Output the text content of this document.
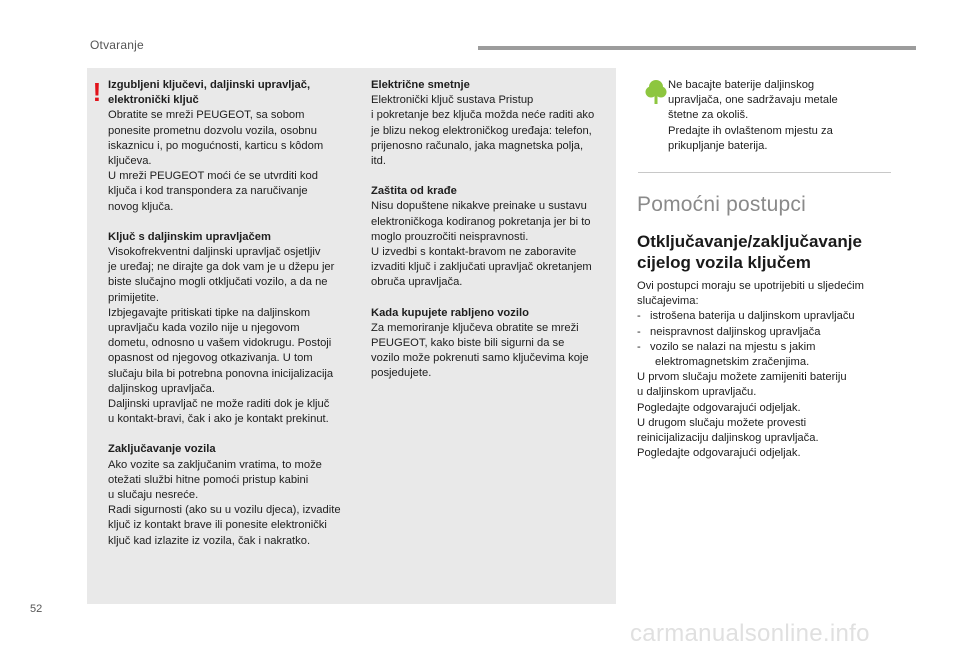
Otvaranje
! Izgubljeni ključevi, daljinski upravljač,
elektronički ključ

Obratite se mreži PEUGEOT, sa sobom
ponesite prometnu dozvolu vozila, osobnu
iskaznicu i, po mogućnosti, karticu s kôdom
ključeva.
U mreži PEUGEOT moći će se utvrditi kod
ključa i kod transpondera za naručivanje
novog ključa.

Ključ s daljinskim upravljačem

Visokofrekventni daljinski upravljač osjetljiv
je uređaj; ne dirajte ga dok vam je u džepu jer
biste slučajno mogli otključati vozilo, a da ne
primijetite.
Izbjegavajte pritiskati tipke na daljinskom
upravljaču kada vozilo nije u njegovom
dometu, odnosno u vašem vidokrugu. Postoji
opasnost od njegovog otkazivanja. U tom
slučaju bila bi potrebna ponovna inicijalizacija
daljinskog upravljača.
Daljinski upravljač ne može raditi dok je ključ
u kontakt-bravi, čak i ako je kontakt prekinut.

Zaključavanje vozila

Ako vozite sa zaključanim vratima, to može
otežati službi hitne pomoći pristup kabini
u slučaju nesreće.
Radi sigurnosti (ako su u vozilu djeca), izvadite
ključ iz kontakt brave ili ponesite elektronički
ključ kad izlazite iz vozila, čak i nakratko.

Električne smetnje

Elektronički ključ sustava Pristup
i pokretanje bez ključa možda neće raditi ako
je blizu nekog elektroničkog uređaja: telefon,
prijenosno računalo, jaka magnetska polja,
itd.

Zaštita od krađe

Nisu dopuštene nikakve preinake u sustavu
elektroničkoga kodiranog pokretanja jer bi to
moglo prouzročiti neispravnosti.
U izvedbi s kontakt-bravom ne zaboravite
izvaditi ključ i zaključati upravljač okretanjem
obruča upravljača.

Kada kupujete rabljeno vozilo

Za memoriranje ključeva obratite se mreži
PEUGEOT, kako biste bili sigurni da se
vozilo može pokrenuti samo ključevima koje
posjedujete.

Ne bacajte baterije daljinskog
upravljača, one sadržavaju metale
štetne za okoliš.
Predajte ih ovlaštenom mjestu za
prikupljanje baterija.
Pomoćni postupci
Otključavanje/zaključavanje cijelog vozila ključem

Ovi postupci moraju se upotrijebiti u sljedećim
slučajevima:

-   istrošena baterija u daljinskom upravljaču

-   neispravnost daljinskog upravljača

-   vozilo se nalazi na mjestu s jakim elektromagnetskim zračenjima.

U prvom slučaju možete zamijeniti bateriju
u daljinskom upravljaču.
Pogledajte odgovarajući odjeljak.
U drugom slučaju možete provesti
reinicijalizaciju daljinskog upravljača.
Pogledajte odgovarajući odjeljak.

52
carmanualsonline.info
